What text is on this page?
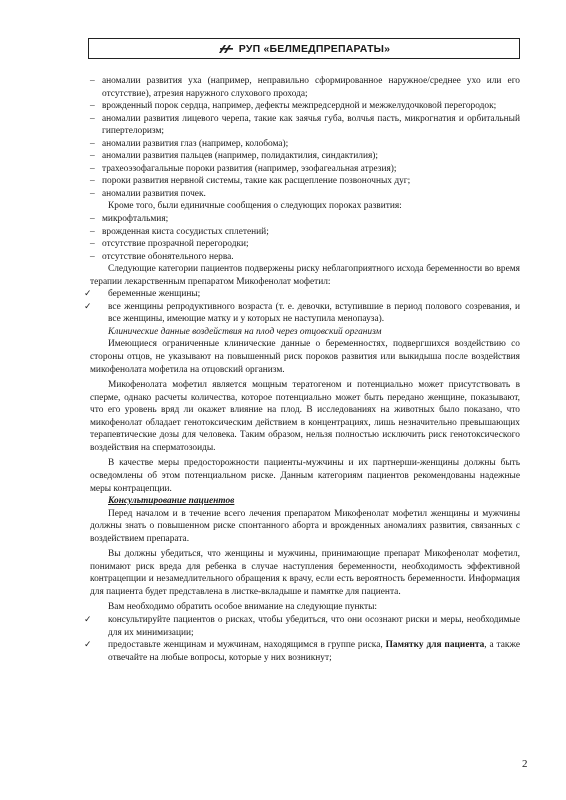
РУП «БЕЛМЕДПРЕПАРАТЫ»
– аномалии развития уха (например, неправильно сформированное наружное/среднее ухо или его отсутствие), атрезия наружного слухового прохода;
– врожденный порок сердца, например, дефекты межпредсердной и межжелудочковой перегородок;
– аномалии развития лицевого черепа, такие как заячья губа, волчья пасть, микрогнатия и орбитальный гипертелоризм;
– аномалии развития глаз (например, колобома);
– аномалии развития пальцев (например, полидактилия, синдактилия);
– трахеоэзофагальные пороки развития (например, эзофагеальная атрезия);
– пороки развития нервной системы, такие как расщепление позвоночных дуг;
– аномалии развития почек.

Кроме того, были единичные сообщения о следующих пороках развития:

– микрофтальмия;
– врожденная киста сосудистых сплетений;
– отсутствие прозрачной перегородки;
– отсутствие обонятельного нерва.

Следующие категории пациентов подвержены риску неблагоприятного исхода беременности во время терапии лекарственным препаратом Микофенолат мофетил:

✓	беременные женщины;
✓	все женщины репродуктивного возраста (т. е. девочки, вступившие в период полового созревания, и все женщины, имеющие матку и у которых не наступила менопауза).

Клинические данные воздействия на плод через отцовский организм

Имеющиеся ограниченные клинические данные о беременностях, подвергшихся воздействию со стороны отцов, не указывают на повышенный риск пороков развития или выкидыша после воздействия микофенолата мофетила на отцовский организм.

Микофенолата мофетил является мощным тератогеном и потенциально может присутствовать в сперме, однако расчеты количества, которое потенциально может быть передано женщине, показывают, что его уровень вряд ли окажет влияние на плод. В исследованиях на животных было показано, что микофенолат обладает генотоксическим действием в концентрациях, лишь незначительно превышающих терапевтические дозы для человека. Таким образом, нельзя полностью исключить риск генотоксического воздействия на сперматозоиды.

В качестве меры предосторожности пациенты-мужчины и их партнерши-женщины должны быть осведомлены об этом потенциальном риске. Данным категориям пациентов рекомендованы надежные меры контрацепции.

Консультирование пациентов

Перед началом и в течение всего лечения препаратом Микофенолат мофетил женщины и мужчины должны знать о повышенном риске спонтанного аборта и врожденных аномалиях развития, связанных с воздействием препарата.

Вы должны убедиться, что женщины и мужчины, принимающие препарат Микофенолат мофетил, понимают риск вреда для ребенка в случае наступления беременности, необходимость эффективной контрацепции и незамедлительного обращения к врачу, если есть вероятность беременности. Информация для пациента будет представлена в листке-вкладыше и памятке для пациента.

Вам необходимо обратить особое внимание на следующие пункты:

✓	консультируйте пациентов о рисках, чтобы убедиться, что они осознают риски и меры, необходимые для их минимизации;
✓	предоставьте женщинам и мужчинам, находящимся в группе риска, Памятку для пациента, а также отвечайте на любые вопросы, которые у них возникнут;
2
